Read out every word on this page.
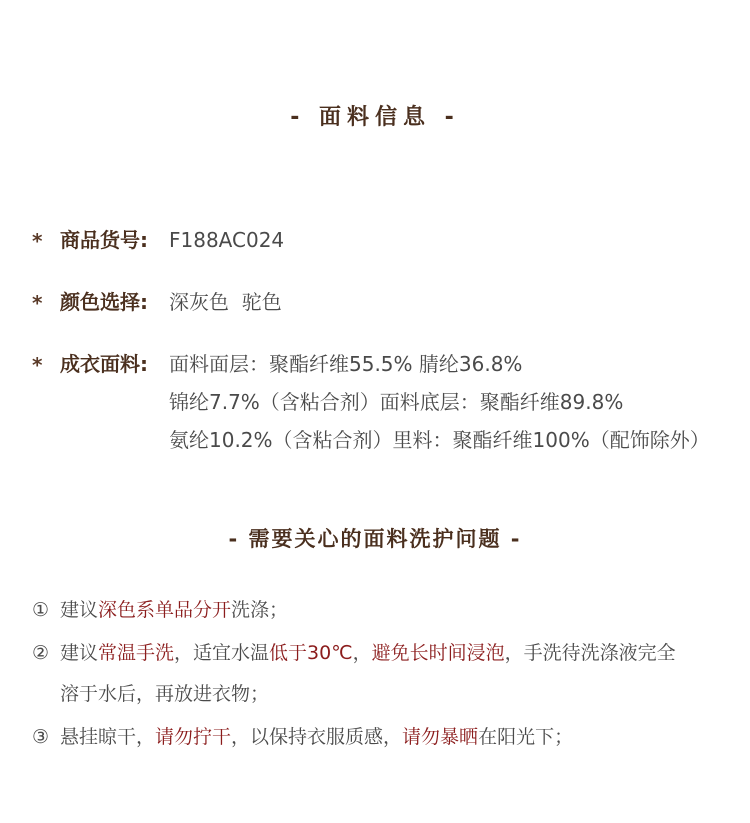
- 面料信息 -
* 商品货号: F188AC024
* 颜色选择: 深灰色  驼色
* 成衣面料: 面料面层：聚酯纤维55.5% 腈纶36.8%
锦纶7.7%（含粘合剂）面料底层：聚酯纤维89.8%
氨纶10.2%（含粘合剂）里料：聚酯纤维100%（配饰除外）
- 需要关心的面料洗护问题 -
① 建议深色系单品分开洗涤；
② 建议常温手洗，适宜水温低于30℃，避免长时间浸泡，手洗待洗涤液完全
溶于水后，再放进衣物；
③ 悬挂晾干，请勿拧干，以保持衣服质感，请勿暴晒在阳光下；
